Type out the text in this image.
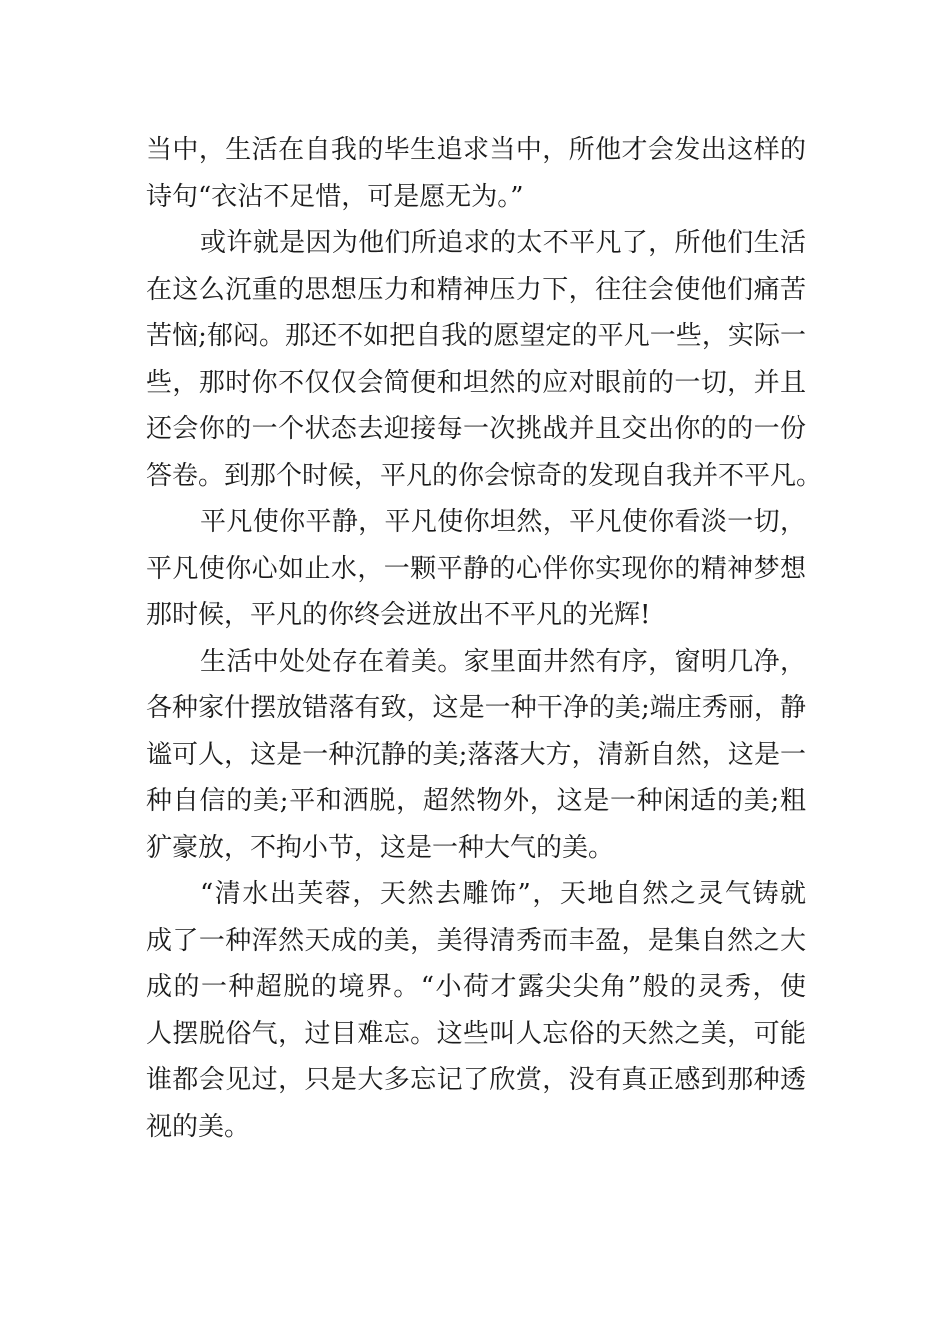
当中，生活在自我的毕生追求当中，所他才会发出这样的
诗句“衣沾不足惜，可是愿无为。”
或许就是因为他们所追求的太不平凡了，所他们生活
在这么沉重的思想压力和精神压力下，往往会使他们痛苦
苦恼;郁闷。那还不如把自我的愿望定的平凡一些，实际一
些，那时你不仅仅会简便和坦然的应对眼前的一切，并且
还会你的一个状态去迎接每一次挑战并且交出你的的一份
答卷。到那个时候，平凡的你会惊奇的发现自我并不平凡。
平凡使你平静，平凡使你坦然，平凡使你看淡一切，
平凡使你心如止水，一颗平静的心伴你实现你的精神梦想
那时候，平凡的你终会迸放出不平凡的光辉!
生活中处处存在着美。家里面井然有序，窗明几净，
各种家什摆放错落有致，这是一种干净的美;端庄秀丽，静
谧可人，这是一种沉静的美;落落大方，清新自然，这是一
种自信的美;平和洒脱，超然物外，这是一种闲适的美;粗
犷豪放，不拘小节，这是一种大气的美。
“清水出芙蓉，天然去雕饰”，天地自然之灵气铸就
成了一种浑然天成的美，美得清秀而丰盈，是集自然之大
成的一种超脱的境界。“小荷才露尖尖角”般的灵秀，使
人摆脱俗气，过目难忘。这些叫人忘俗的天然之美，可能
谁都会见过，只是大多忘记了欣赏，没有真正感到那种透
视的美。
